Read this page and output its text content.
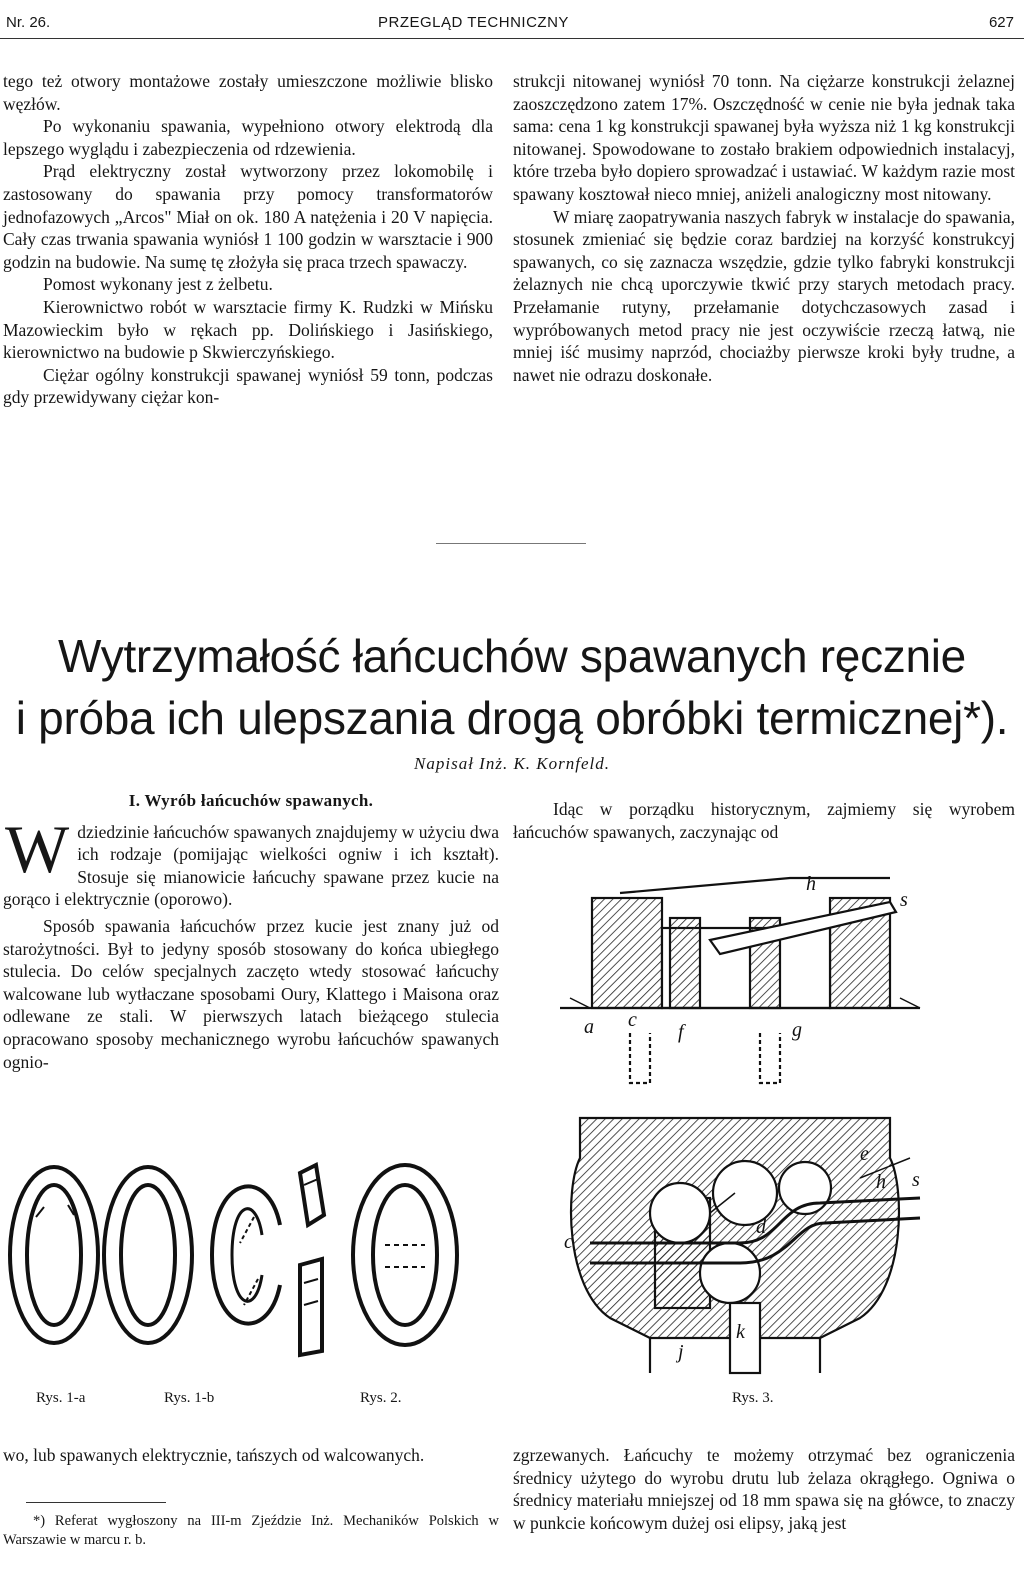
Nr. 26.	PRZEGLĄD TECHNICZNY	627

tego też otwory montażowe zostały umieszczone możliwie blisko węzłów.

Po wykonaniu spawania, wypełniono otwory elektrodą dla lepszego wyglądu i zabezpieczenia od rdzewienia.

Prąd elektryczny został wytworzony przez lokomobilę i zastosowany do spawania przy pomocy transformatorów jednofazowych „Arcos" Miał on ok. 180 A natężenia i 20 V napięcia. Cały czas trwania spawania wyniósł 1 100 godzin w warsztacie i 900 godzin na budowie. Na sumę tę złożyła się praca trzech spawaczy.

Pomost wykonany jest z żelbetu.

Kierownictwo robót w warsztacie firmy K. Rudzki w Mińsku Mazowieckim było w rękach pp. Dolińskiego i Jasińskiego, kierownictwo na budowie p Skwierczyńskiego.

Ciężar ogólny konstrukcji spawanej wyniósł 59 tonn, podczas gdy przewidywany ciężar kon-

strukcji nitowanej wyniósł 70 tonn. Na ciężarze konstrukcji żelaznej zaoszczędzono zatem 17%. Oszczędność w cenie nie była jednak taka sama: cena 1 kg konstrukcji spawanej była wyższa niż 1 kg konstrukcji nitowanej. Spowodowane to zostało brakiem odpowiednich instalacyj, które trzeba było dopiero sprowadzać i ustawiać. W każdym razie most spawany kosztował nieco mniej, aniżeli analogiczny most nitowany.

W miarę zaopatrywania naszych fabryk w instalacje do spawania, stosunek zmieniać się będzie coraz bardziej na korzyść konstrukcyj spawanych, co się zaznacza wszędzie, gdzie tylko fabryki konstrukcji żelaznych nie chcą uporczywie tkwić przy starych metodach pracy. Przełamanie rutyny, przełamanie dotychczasowych zasad i wypróbowanych metod pracy nie jest oczywiście rzeczą łatwą, nie mniej iść musimy naprzód, chociażby pierwsze kroki były trudne, a nawet nie odrazu doskonałe.

Wytrzymałość łańcuchów spawanych ręcznie
i próba ich ulepszania drogą obróbki termicznej*).
Napisał Inż. K. Kornfeld.
I. Wyrób łańcuchów spawanych.

Wdziedzinie łańcuchów spawanych znajdujemy w użyciu dwa ich rodzaje (pomijając wielkości ogniw i ich kształt). Stosuje się mianowicie łańcuchy spawane przez kucie na gorąco i elektrycznie (oporowo).

Sposób spawania łańcuchów przez kucie jest znany już od starożytności. Był to jedyny sposób stosowany do końca ubiegłego stulecia. Do celów specjalnych zaczęto wtedy stosować łańcuchy walcowane lub wytłaczane sposobami Oury, Klattego i Maisona oraz odlewane ze stali. W pierwszych latach bieżącego stulecia opracowano sposoby mechanicznego wyrobu łańcuchów spawanych ognio-

Idąc w porządku historycznym, zajmiemy się wyrobem łańcuchów spawanych, zaczynając od

h
s
a c
f	g
e
h s
c
d
k
j
Rys. 1-a	Rys. 1-b	Rys. 2.	Rys. 3.

wo, lub spawanych elektrycznie, tańszych od walcowanych.	zgrzewanych. Łańcuchy te możemy otrzymać bez ograniczenia średnicy użytego do wyrobu drutu lub żelaza okrągłego. Ogniwa o średnicy materiału mniejszej od 18 mm spawa się na główce, to znaczy w punkcie końcowym dużej osi elipsy, jaką jest

*) Referat wygłoszony na III-m Zjeździe Inż. Mechaników Polskich w Warszawie w marcu r. b.
